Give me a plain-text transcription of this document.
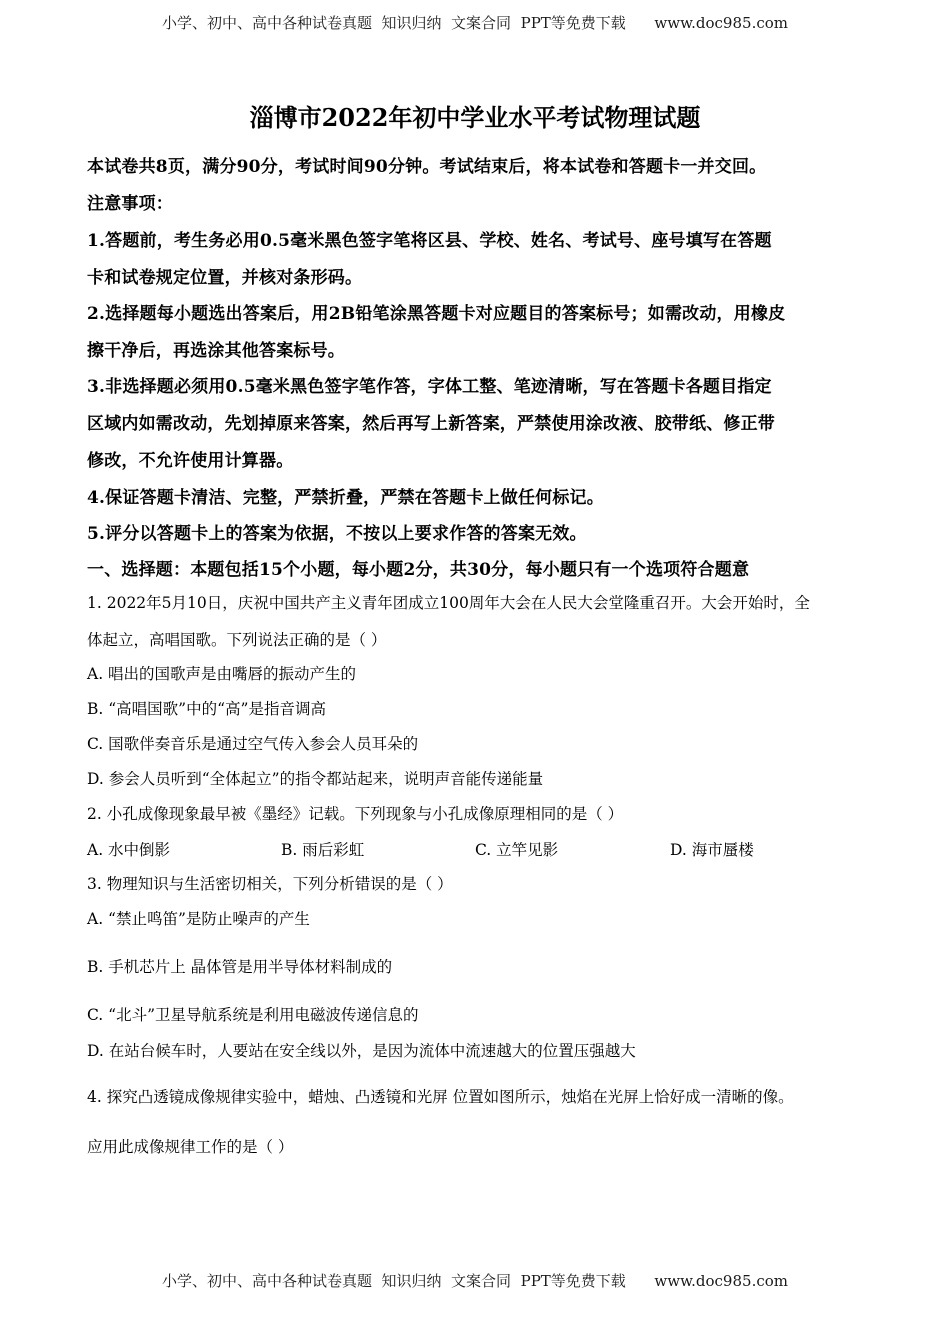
小学、初中、高中各种试卷真题  知识归纳  文案合同  PPT等免费下载      www.doc985.com
淄博市2022年初中学业水平考试物理试题
本试卷共8页，满分90分，考试时间90分钟。考试结束后，将本试卷和答题卡一并交回。
注意事项：
1.答题前，考生务必用0.5毫米黑色签字笔将区县、学校、姓名、考试号、座号填写在答题
卡和试卷规定位置，并核对条形码。
2.选择题每小题选出答案后，用2B铅笔涂黑答题卡对应题目的答案标号；如需改动，用橡皮
擦干净后，再选涂其他答案标号。
3.非选择题必须用0.5毫米黑色签字笔作答，字体工整、笔迹清晰，写在答题卡各题目指定
区域内如需改动，先划掉原来答案，然后再写上新答案，严禁使用涂改液、胶带纸、修正带
修改，不允许使用计算器。
4.保证答题卡清洁、完整，严禁折叠，严禁在答题卡上做任何标记。
5.评分以答题卡上的答案为依据，不按以上要求作答的答案无效。
一、选择题：本题包括15个小题，每小题2分，共30分，每小题只有一个选项符合题意
1. 2022年5月10日，庆祝中国共产主义青年团成立100周年大会在人民大会堂隆重召开。大会开始时，全
体起立，高唱国歌。下列说法正确的是（ ）
A. 唱出的国歌声是由嘴唇的振动产生的
B. “高唱国歌”中的“高”是指音调高
C. 国歌伴奏音乐是通过空气传入参会人员耳朵的
D. 参会人员听到“全体起立”的指令都站起来，说明声音能传递能量
2. 小孔成像现象最早被《墨经》记载。下列现象与小孔成像原理相同的是（ ）
A. 水中倒影	B. 雨后彩虹	C. 立竿见影	D. 海市蜃楼
3. 物理知识与生活密切相关，下列分析错误的是（ ）
A. “禁止鸣笛”是防止噪声的产生
B. 手机芯片上 晶体管是用半导体材料制成的
C. “北斗”卫星导航系统是利用电磁波传递信息的
D. 在站台候车时，人要站在安全线以外，是因为流体中流速越大的位置压强越大
4. 探究凸透镜成像规律实验中，蜡烛、凸透镜和光屏 位置如图所示，烛焰在光屏上恰好成一清晰的像。
应用此成像规律工作的是（ ）
小学、初中、高中各种试卷真题  知识归纳  文案合同  PPT等免费下载      www.doc985.com
